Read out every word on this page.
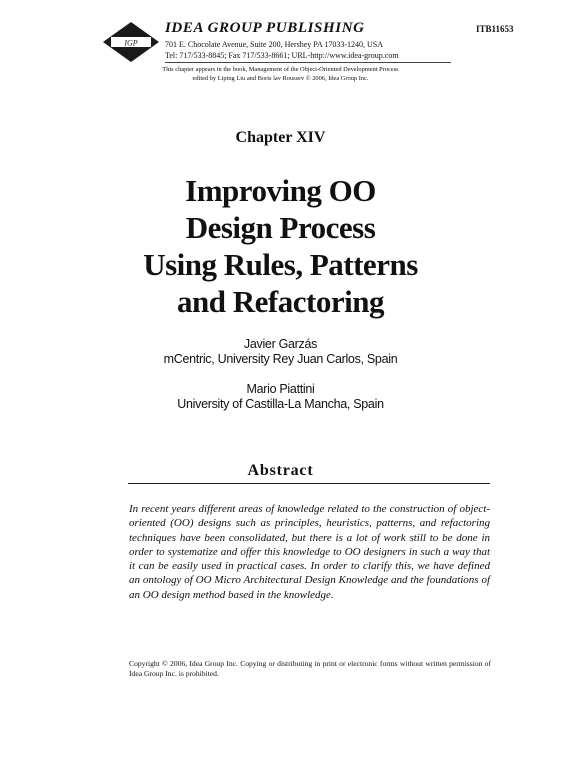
IGP
IDEA GROUP PUBLISHING
701 E. Chocolate Avenue, Suite 200, Hershey PA 17033-1240, USA
Tel: 717/533-8845; Fax 717/533-8661; URL-http://www.idea-group.com
ITB11653
This chapter appears in the book, Management of the Object-Oriented Development Process
edited by Liping Liu and Boris lav Roussev © 2006, Idea Group Inc.
Chapter XIV
Improving OO
Design Process
Using Rules, Patterns
and Refactoring
Javier Garzás
mCentric, University Rey Juan Carlos, Spain
Mario Piattini
University of Castilla-La Mancha, Spain
Abstract
In recent years different areas of knowledge related to the construction of object-oriented (OO) designs such as principles, heuristics, patterns, and refactoring techniques have been consolidated, but there is a lot of work still to be done in order to systematize and offer this knowledge to OO designers in such a way that it can be easily used in practical cases. In order to clarify this, we have defined an ontology of OO Micro Architectural Design Knowledge and the foundations of an OO design method based in the knowledge.
Copyright © 2006, Idea Group Inc. Copying or distributing in print or electronic forms without written permission of Idea Group Inc. is prohibited.
